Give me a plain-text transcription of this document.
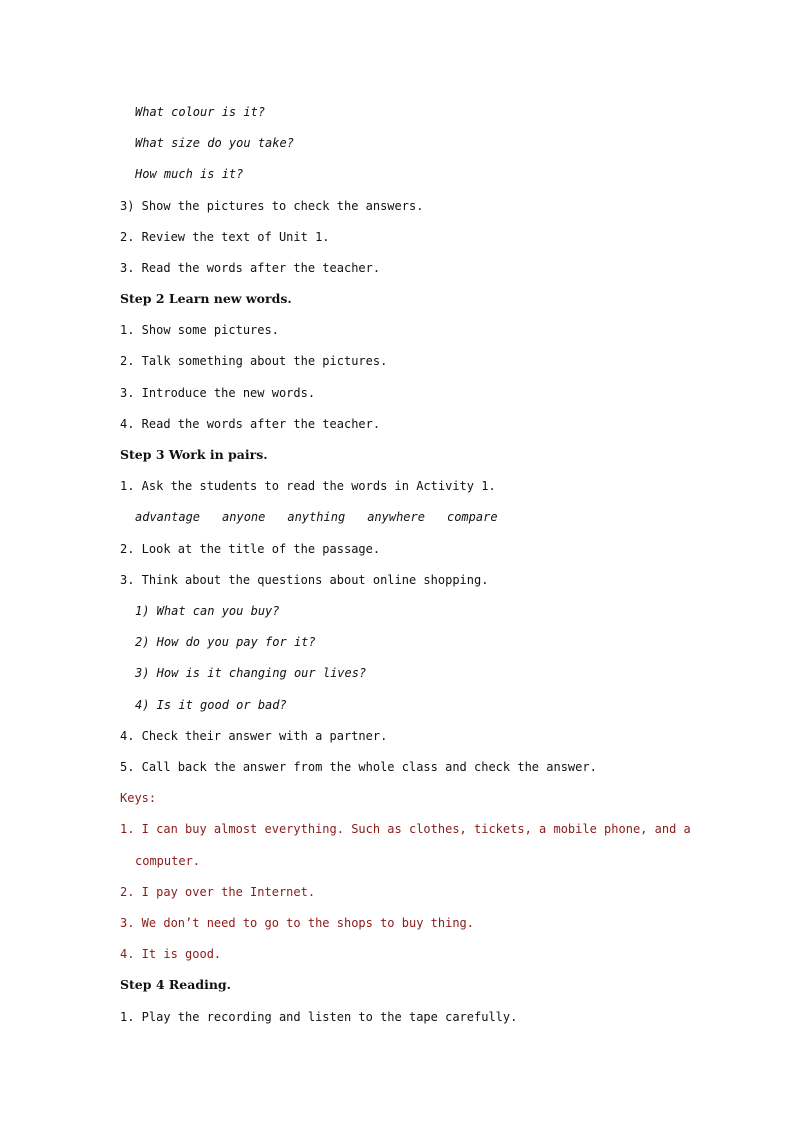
What colour is it?
What size do you take?
How much is it?
3) Show the pictures to check the answers.
2. Review the text of Unit 1.
3. Read the words after the teacher.
Step 2 Learn new words.
1. Show some pictures.
2. Talk something about the pictures.
3. Introduce the new words.
4. Read the words after the teacher.
Step 3 Work in pairs.
1. Ask the students to read the words in Activity 1.
advantage anyone anything anywhere compare
2. Look at the title of the passage.
3. Think about the questions about online shopping.
1) What can you buy?
2) How do you pay for it?
3) How is it changing our lives?
4) Is it good or bad?
4. Check their answer with a partner.
5. Call back the answer from the whole class and check the answer.
Keys:
1. I can buy almost everything. Such as clothes, tickets, a mobile phone, and a
computer.
2. I pay over the Internet.
3. We don’t need to go to the shops to buy thing.
4. It is good.
Step 4 Reading.
1. Play the recording and listen to the tape carefully.
